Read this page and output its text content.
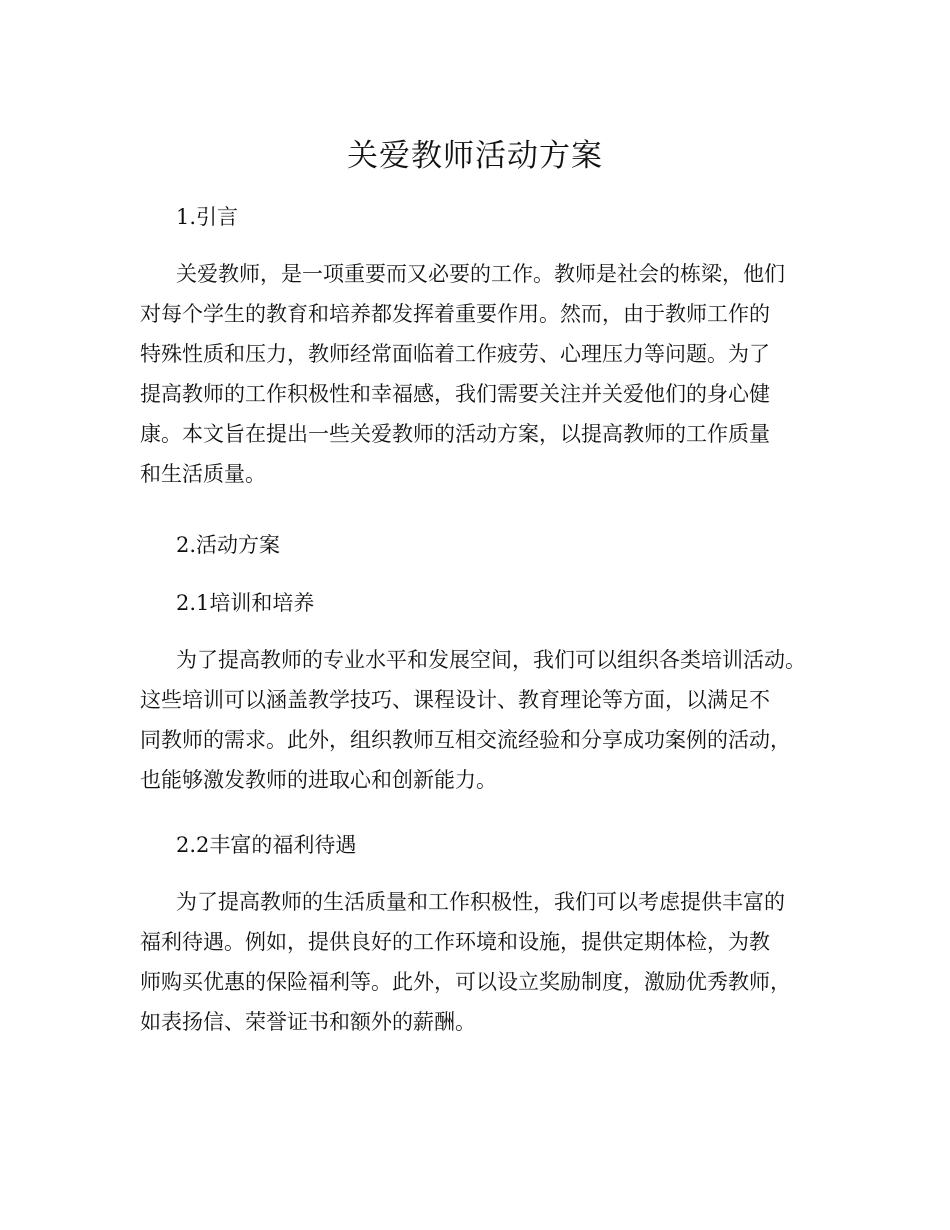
关爱教师活动方案
1.引言
关爱教师，是一项重要而又必要的工作。教师是社会的栋梁，他们
对每个学生的教育和培养都发挥着重要作用。然而，由于教师工作的
特殊性质和压力，教师经常面临着工作疲劳、心理压力等问题。为了
提高教师的工作积极性和幸福感，我们需要关注并关爱他们的身心健
康。本文旨在提出一些关爱教师的活动方案，以提高教师的工作质量
和生活质量。
2.活动方案
2.1培训和培养
为了提高教师的专业水平和发展空间，我们可以组织各类培训活动。
这些培训可以涵盖教学技巧、课程设计、教育理论等方面，以满足不
同教师的需求。此外，组织教师互相交流经验和分享成功案例的活动，
也能够激发教师的进取心和创新能力。
2.2丰富的福利待遇
为了提高教师的生活质量和工作积极性，我们可以考虑提供丰富的
福利待遇。例如，提供良好的工作环境和设施，提供定期体检，为教
师购买优惠的保险福利等。此外，可以设立奖励制度，激励优秀教师，
如表扬信、荣誉证书和额外的薪酬。
